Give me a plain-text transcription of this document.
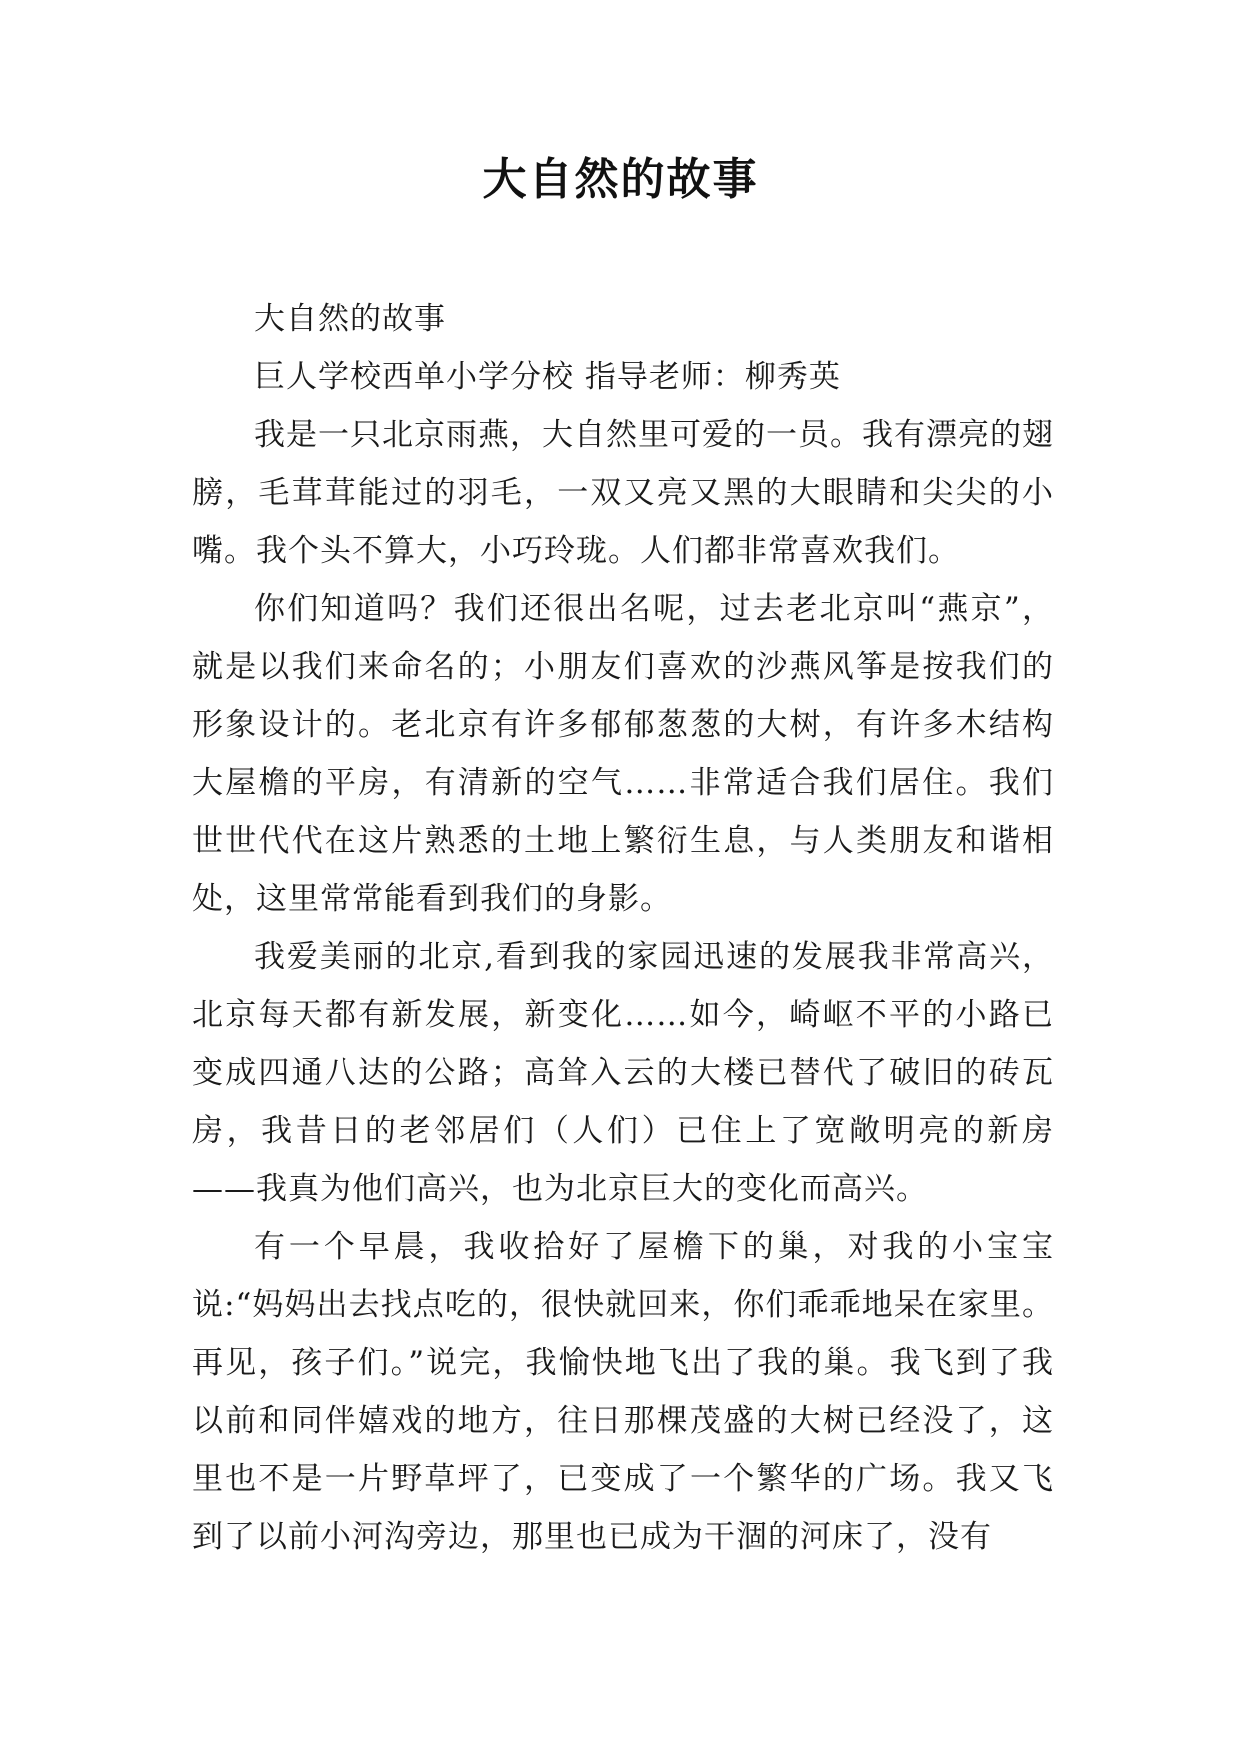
大自然的故事

大自然的故事

巨人学校西单小学分校 指导老师：柳秀英

我是一只北京雨燕，大自然里可爱的一员。我有漂亮的翅膀，毛茸茸能过的羽毛，一双又亮又黑的大眼睛和尖尖的小嘴。我个头不算大，小巧玲珑。人们都非常喜欢我们。

你们知道吗？我们还很出名呢，过去老北京叫“燕京”，就是以我们来命名的；小朋友们喜欢的沙燕风筝是按我们的形象设计的。老北京有许多郁郁葱葱的大树，有许多木结构大屋檐的平房，有清新的空气……非常适合我们居住。我们世世代代在这片熟悉的土地上繁衍生息，与人类朋友和谐相处，这里常常能看到我们的身影。

我爱美丽的北京,看到我的家园迅速的发展我非常高兴，北京每天都有新发展，新变化……如今，崎岖不平的小路已变成四通八达的公路；高耸入云的大楼已替代了破旧的砖瓦房，我昔日的老邻居们（人们）已住上了宽敞明亮的新房——我真为他们高兴，也为北京巨大的变化而高兴。

有一个早晨，我收拾好了屋檐下的巢，对我的小宝宝说:“妈妈出去找点吃的，很快就回来，你们乖乖地呆在家里。再见，孩子们。”说完，我愉快地飞出了我的巢。我飞到了我以前和同伴嬉戏的地方，往日那棵茂盛的大树已经没了，这里也不是一片野草坪了，已变成了一个繁华的广场。我又飞到了以前小河沟旁边，那里也已成为干涸的河床了，没有
